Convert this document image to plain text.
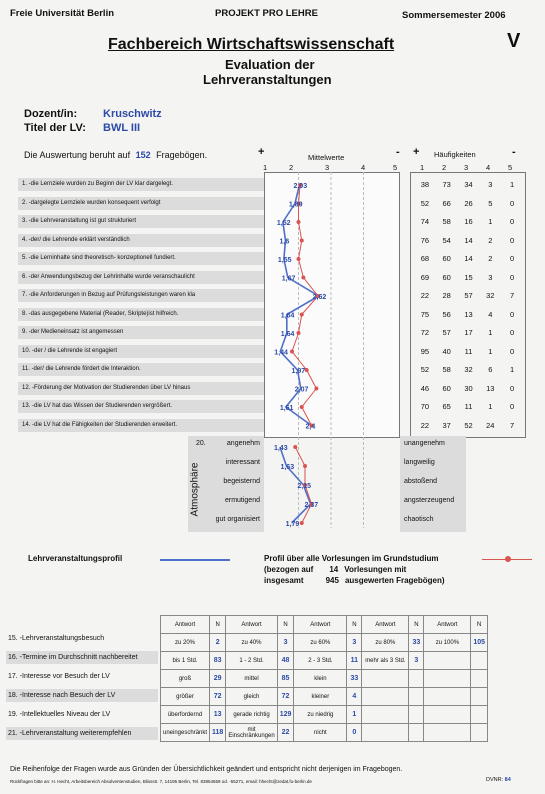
Freie Universität Berlin	PROJEKT PRO LEHRE	Sommersemester 2006
Fachbereich Wirtschaftswissenschaft	V
Evaluation der
Lehrveranstaltungen
Dozent/in: Kruschwitz
Titel der LV: BWL III
Die Auswertung beruht auf 152 Fragebögen.	+	Mittelwerte	- + Häufigkeiten	-
1	2	3	4	5	1 2 3 4 5
1. -die Lernziele wurden zu Beginn der LV klar dargelegt.	38	73	34	3	1
2. -dargelegte Lernziele wurden konsequent verfolgt	52	66	26	5	0
3. -die Lehrveranstaltung ist gut strukturiert	74	58	16	1	0
4. -der/ die Lehrende erklärt verständlich	76	54	14	2	0
5. -die Lerninhalte sind theoretisch- konzeptionell fundiert.	68	60	14	2	0
6. -der Anwendungsbezug der Lehrinhalte wurde veranschaulicht	69	60	15	3	0
7. -die Anforderungen in Bezug auf Prüfungsleistungen waren kla	22	28	57	32	7
8. -das ausgegebene Material (Reader, Skripte)ist hilfreich.	75	56	13	4	0
9. -der Medieneinsatz ist angemessen	72	57	17	1	0
10. -der / die Lehrende ist engagiert	95	40	11	1	0
11. -der/ die Lehrende fördert die Interaktion.	52	58	32	6	1
12. -Förderung der Motivation der Studierenden über LV hinaus	46	60	30	13	0
13. -die LV hat das Wissen der Studierenden vergrößert.	70	65	11	1	0
14. -die LV hat die Fähigkeiten der Studierenden erweitert.	22	37	52	24	7
20.
Atmosphäre
angenehm	unangenehm
interessant	langweilig
begeisternd	abstoßend
ermutigend	angsterzeugend
gut organisiert	chaotisch
2,03
1,89
1,52
1,6
1,55
1,67
2,62
1,64
1,64
1,44
1,97
2,07
1,61
2,4
1,43
1,63
2,15
2,37
1,79
Lehrveranstaltungsprofil	Profil über alle Vorlesungen im Grundstudium
(bezogen auf 14 Vorlesungen mit
insgesamt	945 ausgewerten Fragebögen)
15. -Lehrveranstaltungsbesuch
16. -Termine im Durchschnitt nachbereitet
17. -Interesse vor Besuch der LV
18. -Interesse nach Besuch der LV
19. -Intellektuelles Niveau der LV
21. -Lehrveranstaltung weiterempfehlen
Antwort	N	Antwort	N	Antwort	N	Antwort	N	Antwort	N
zu 20%	2	zu 40%	3	zu 60%	3	zu 80%	33	zu 100%	105
bis 1 Std.	83	1 - 2 Std.	48	2 - 3 Std.	11	mehr als 3 Std.	3		
groß	29	mittel	85	klein	33				
größer	72	gleich	72	kleiner	4				
überfordernd	13	gerade richtig	129	zu niedrig	1				
uneingeschränkt	118	mit Einschränkungen	22	nicht	0				
Die Reihenfolge der Fragen wurde aus Gründen der Übersichtlichkeit geändert und entspricht nicht derjenigen im Fragebogen.
Rückfragen bitte an: H. Hecht, Arbeitsbereich Absolventenstudien, Blissstr. 7, 14195 Berlin, Tel. 83854659 od. -55271, email: hhecht@zedat.fu-berlin.de	DVNR: 84
